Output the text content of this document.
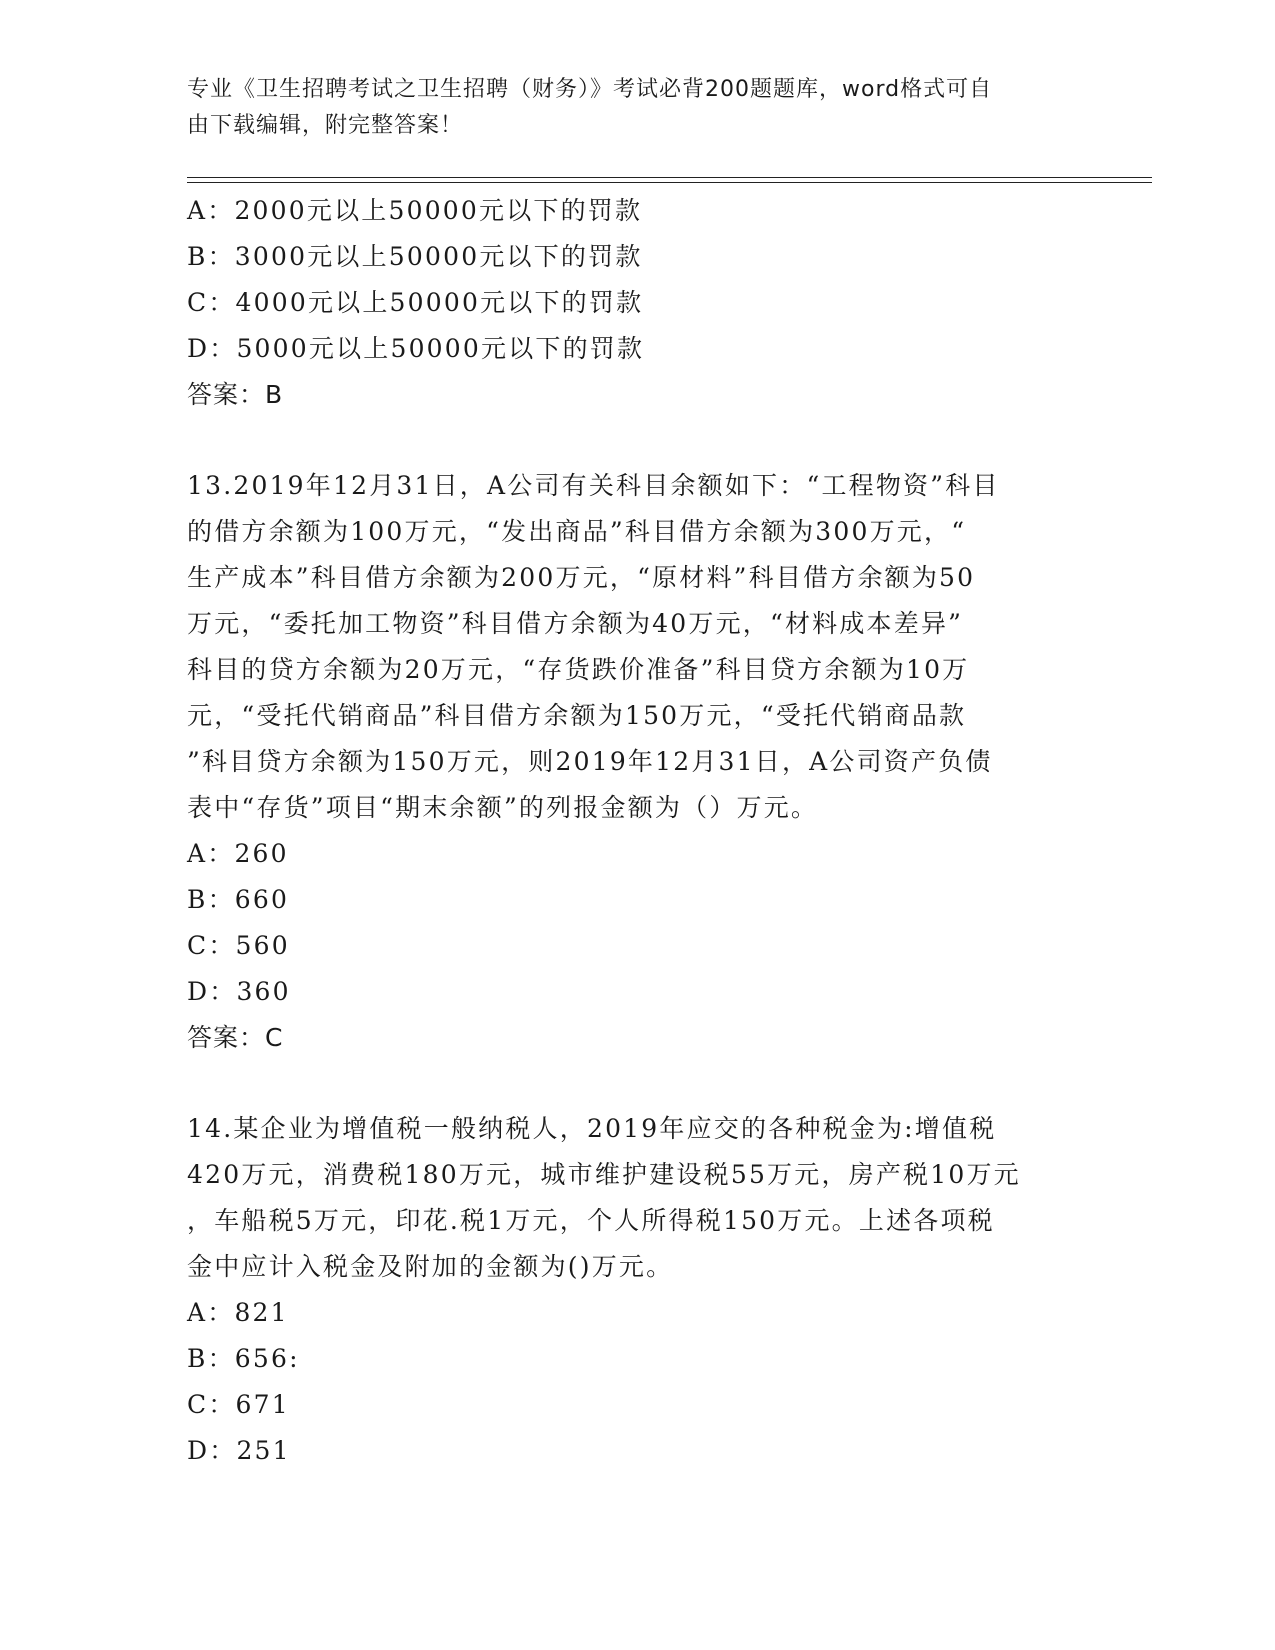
专业《卫生招聘考试之卫生招聘（财务）》考试必背200题题库，word格式可自
由下载编辑，附完整答案！

A：2000元以上50000元以下的罚款

B：3000元以上50000元以下的罚款

C：4000元以上50000元以下的罚款

D：5000元以上50000元以下的罚款

答案：B

13.2019年12月31日，A公司有关科目余额如下：“工程物资”科目

的借方余额为100万元，“发出商品”科目借方余额为300万元，“

生产成本”科目借方余额为200万元，“原材料”科目借方余额为50

万元，“委托加工物资”科目借方余额为40万元，“材料成本差异”

科目的贷方余额为20万元，“存货跌价准备”科目贷方余额为10万

元，“受托代销商品”科目借方余额为150万元，“受托代销商品款

”科目贷方余额为150万元，则2019年12月31日，A公司资产负债

表中“存货”项目“期末余额”的列报金额为（）万元。

A：260

B：660

C：560

D：360

答案：C

14.某企业为增值税一般纳税人，2019年应交的各种税金为:增值税

420万元，消费税180万元，城市维护建设税55万元，房产税10万元

，车船税5万元，印花.税1万元，个人所得税150万元。上述各项税

金中应计入税金及附加的金额为()万元。

A：821

B：656:

C：671

D：251
